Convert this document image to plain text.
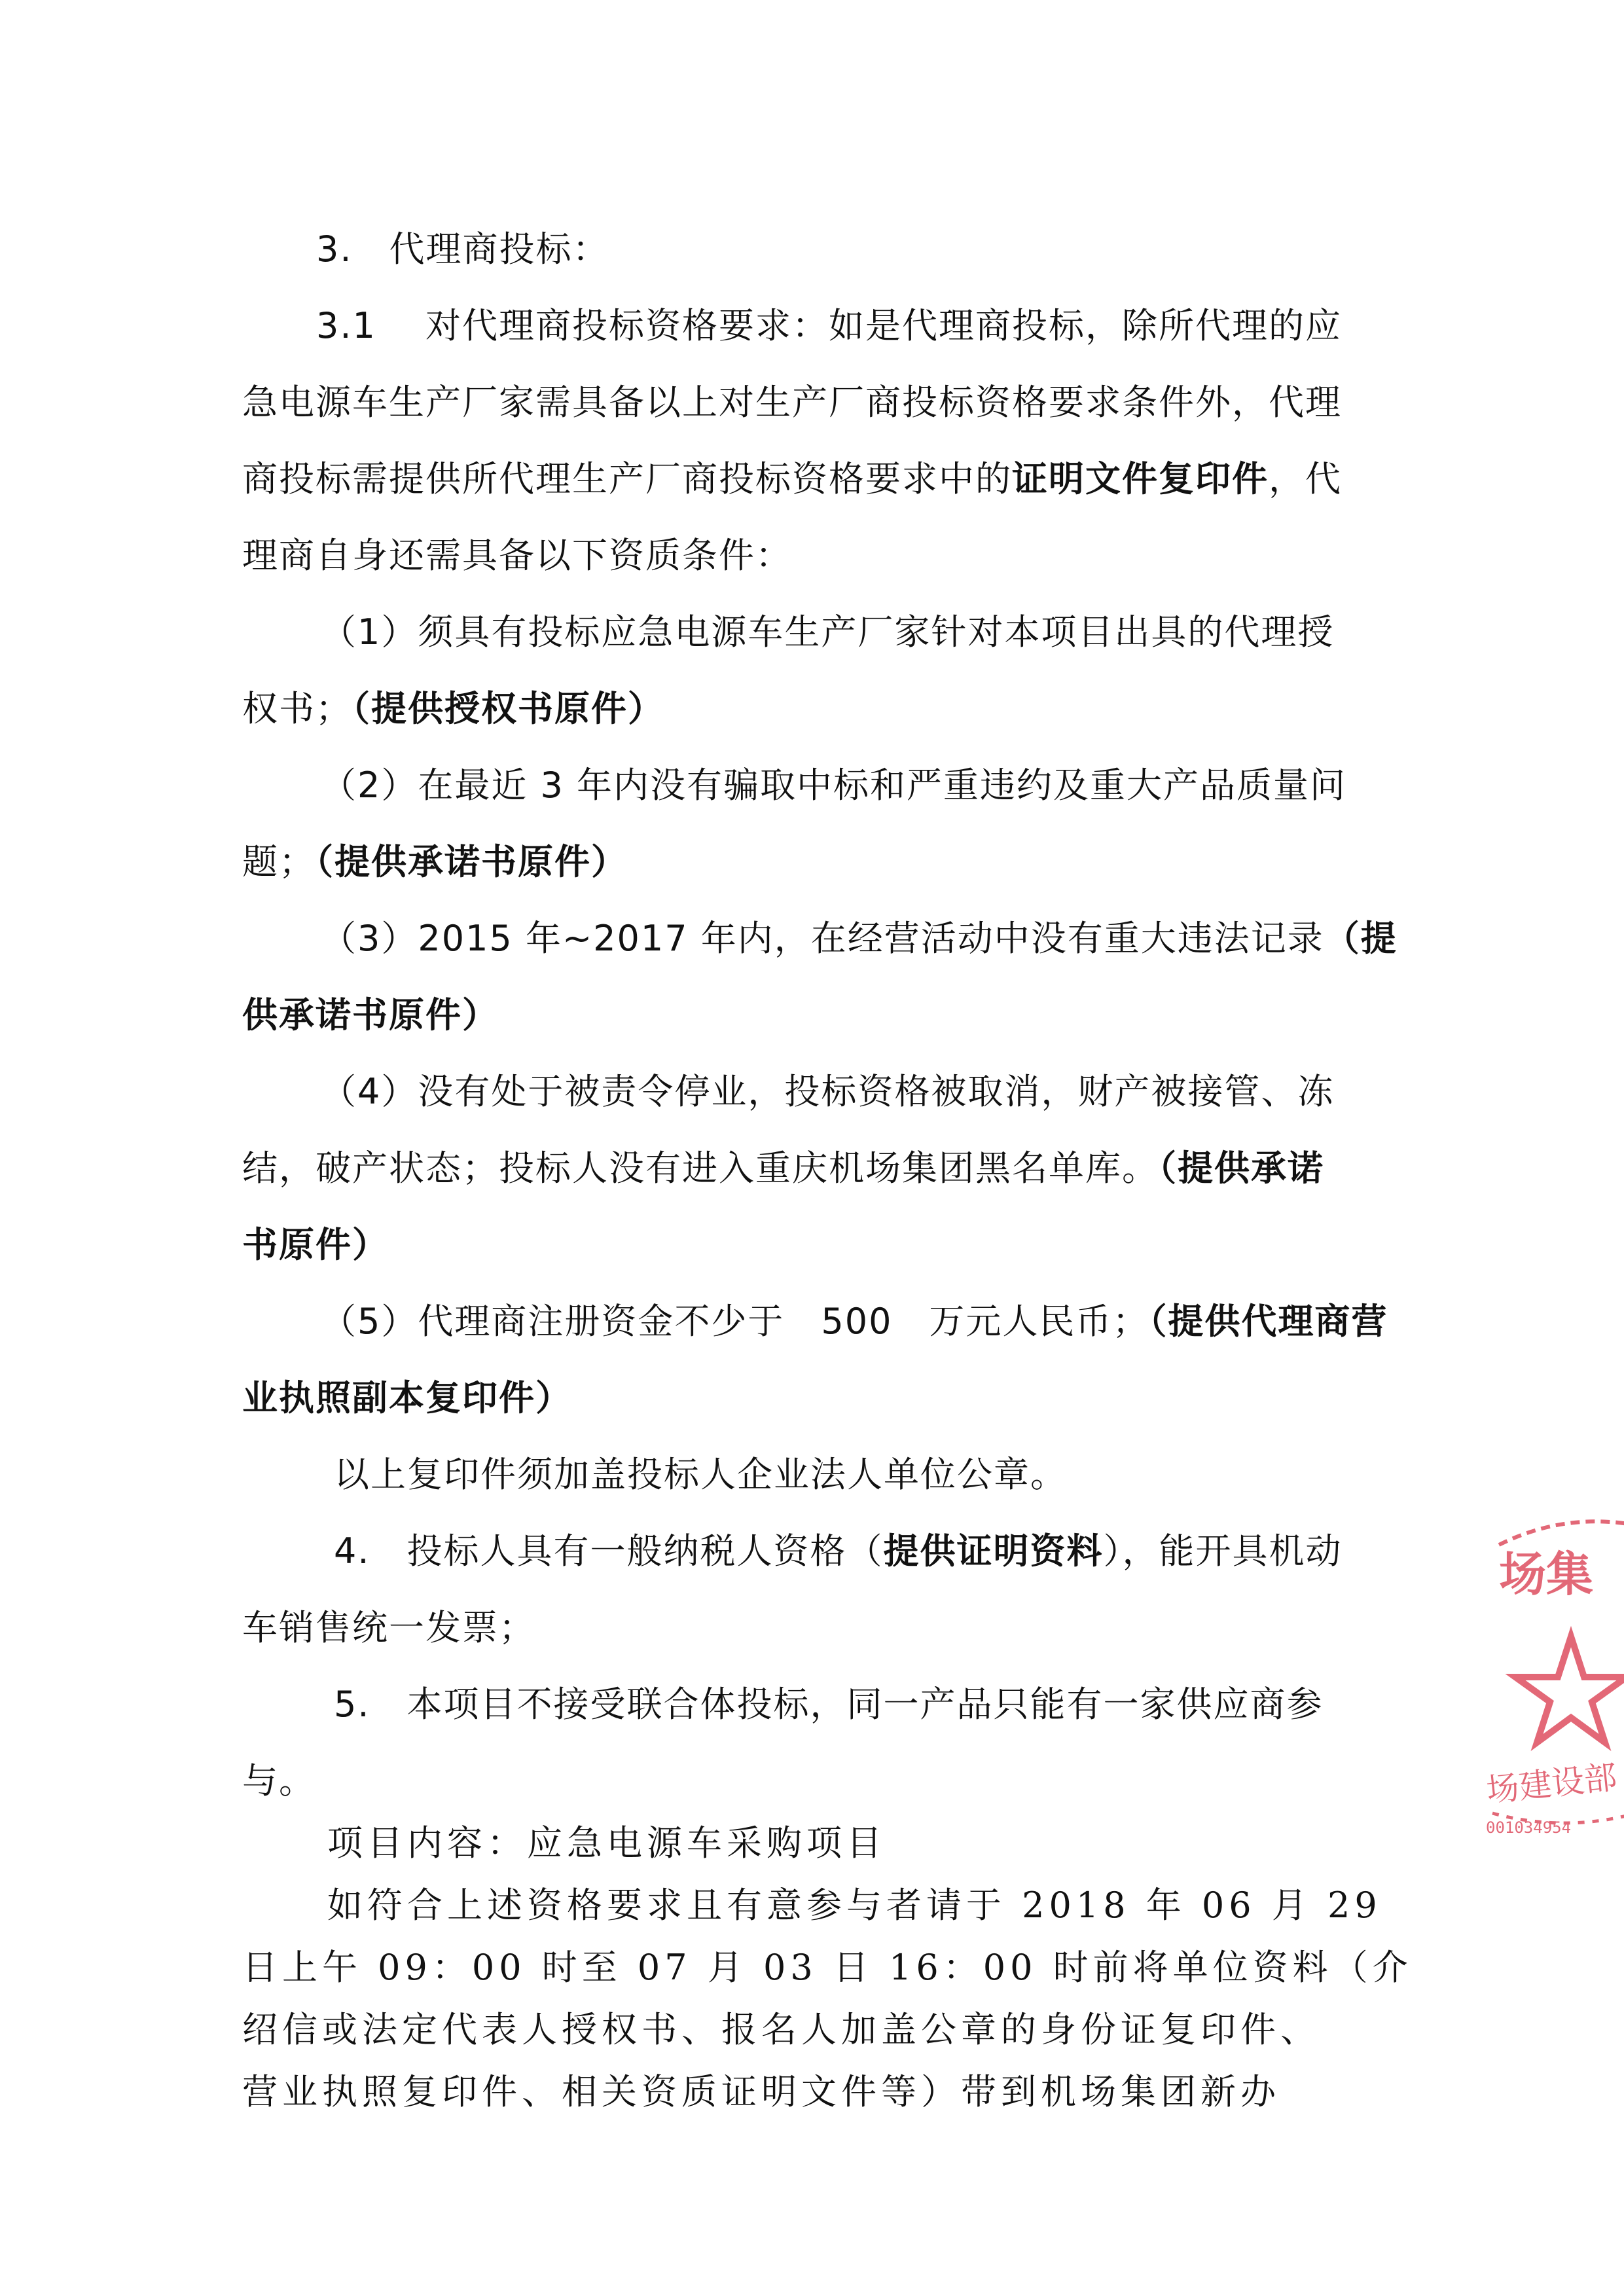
3.　代理商投标：
3.1　 对代理商投标资格要求：如是代理商投标，除所代理的应
急电源车生产厂家需具备以上对生产厂商投标资格要求条件外，代理
商投标需提供所代理生产厂商投标资格要求中的证明文件复印件，代
理商自身还需具备以下资质条件：
（1）须具有投标应急电源车生产厂家针对本项目出具的代理授
权书；（提供授权书原件）
（2）在最近 3 年内没有骗取中标和严重违约及重大产品质量问
题；（提供承诺书原件）
（3）2015 年~2017 年内，在经营活动中没有重大违法记录（提
供承诺书原件）
（4）没有处于被责令停业，投标资格被取消，财产被接管、冻
结，破产状态；投标人没有进入重庆机场集团黑名单库。（提供承诺
书原件）
（5）代理商注册资金不少于　500　万元人民币；（提供代理商营
业执照副本复印件）
以上复印件须加盖投标人企业法人单位公章。
4.　投标人具有一般纳税人资格（提供证明资料），能开具机动
车销售统一发票；
5.　本项目不接受联合体投标，同一产品只能有一家供应商参
与。
项目内容：应急电源车采购项目
如符合上述资格要求且有意参与者请于 2018 年 06 月 29
日上午 09：00 时至 07 月 03 日 16：00 时前将单位资料（介
绍信或法定代表人授权书、报名人加盖公章的身份证复印件、
营业执照复印件、相关资质证明文件等）带到机场集团新办
场集
场建设部
001034954
